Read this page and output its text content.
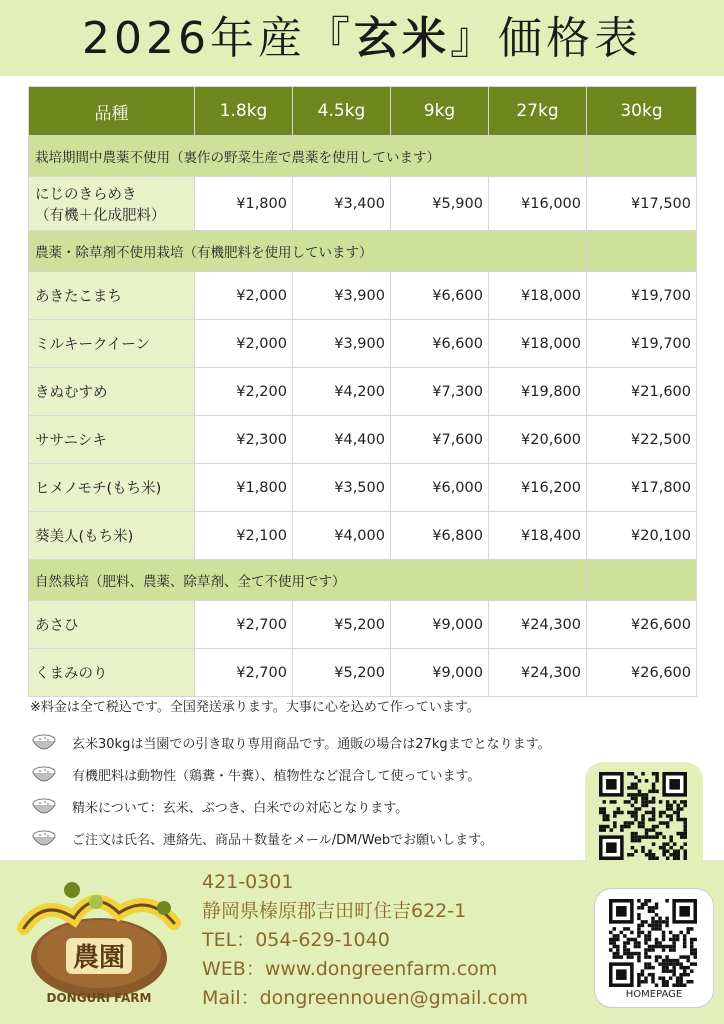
2026年産『玄米』価格表
品種	1.8kg	4.5kg	9kg	27kg	30kg
栽培期間中農薬不使用（裏作の野菜生産で農薬を使用しています）					
にじのきらめき
（有機＋化成肥料）	¥1,800	¥3,400	¥5,900	¥16,000	¥17,500
農薬・除草剤不使用栽培（有機肥料を使用しています）					
あきたこまち	¥2,000	¥3,900	¥6,600	¥18,000	¥19,700
ミルキークイーン	¥2,000	¥3,900	¥6,600	¥18,000	¥19,700
きぬむすめ	¥2,200	¥4,200	¥7,300	¥19,800	¥21,600
ササニシキ	¥2,300	¥4,400	¥7,600	¥20,600	¥22,500
ヒメノモチ(もち米)	¥1,800	¥3,500	¥6,000	¥16,200	¥17,800
葵美人(もち米)	¥2,100	¥4,000	¥6,800	¥18,400	¥20,100
自然栽培（肥料、農薬、除草剤、全て不使用です）					
あさひ	¥2,700	¥5,200	¥9,000	¥24,300	¥26,600
くまみのり	¥2,700	¥5,200	¥9,000	¥24,300	¥26,600

※料金は全て税込です。全国発送承ります。大事に心を込めて作っています。

玄米30kgは当園での引き取り専用商品です。通販の場合は27kgまでとなります。
有機肥料は動物性（鶏糞・牛糞）、植物性など混合して使っています。
精米について：玄米、ぶつき、白米での対応となります。
ご注文は氏名、連絡先、商品＋数量をメール/DM/Webでお願いします。
HOMEPAGE
農園
DONGURI FARM
421-0301
静岡県榛原郡吉田町住吉622-1
TEL：054-629-1040
WEB：www.dongreenfarm.com
Mail：dongreennouen@gmail.com
